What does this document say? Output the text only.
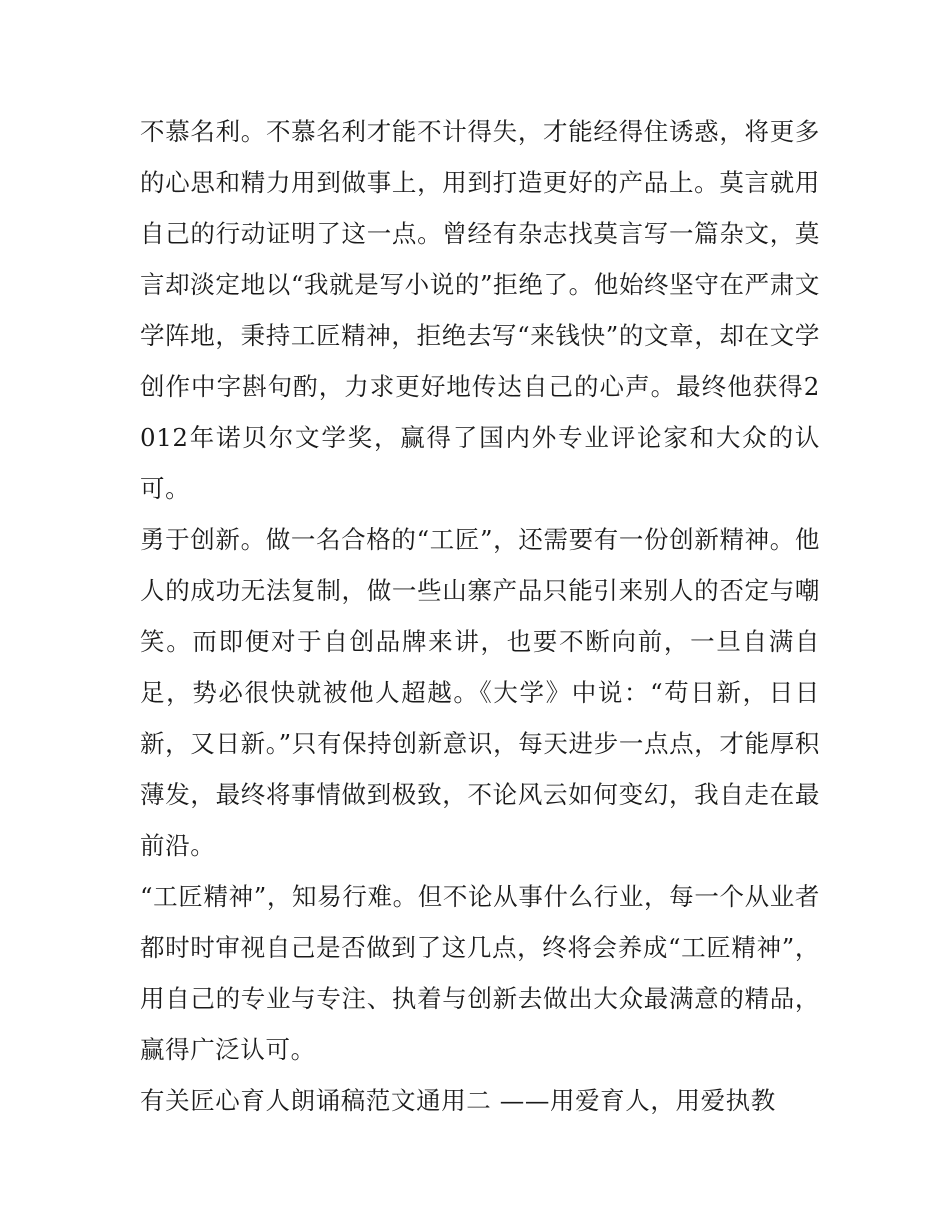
不慕名利。不慕名利才能不计得失，才能经得住诱惑，将更多的心思和精力用到做事上，用到打造更好的产品上。莫言就用自己的行动证明了这一点。曾经有杂志找莫言写一篇杂文，莫言却淡定地以“我就是写小说的”拒绝了。他始终坚守在严肃文学阵地，秉持工匠精神，拒绝去写“来钱快”的文章，却在文学创作中字斟句酌，力求更好地传达自己的心声。最终他获得2012年诺贝尔文学奖，赢得了国内外专业评论家和大众的认可。

勇于创新。做一名合格的“工匠”，还需要有一份创新精神。他人的成功无法复制，做一些山寨产品只能引来别人的否定与嘲笑。而即便对于自创品牌来讲，也要不断向前，一旦自满自足，势必很快就被他人超越。《大学》中说：“苟日新，日日新，又日新。”只有保持创新意识，每天进步一点点，才能厚积薄发，最终将事情做到极致，不论风云如何变幻，我自走在最前沿。

“工匠精神”，知易行难。但不论从事什么行业，每一个从业者都时时审视自己是否做到了这几点，终将会养成“工匠精神”，用自己的专业与专注、执着与创新去做出大众最满意的精品，赢得广泛认可。

有关匠心育人朗诵稿范文通用二 ——用爱育人，用爱执教
